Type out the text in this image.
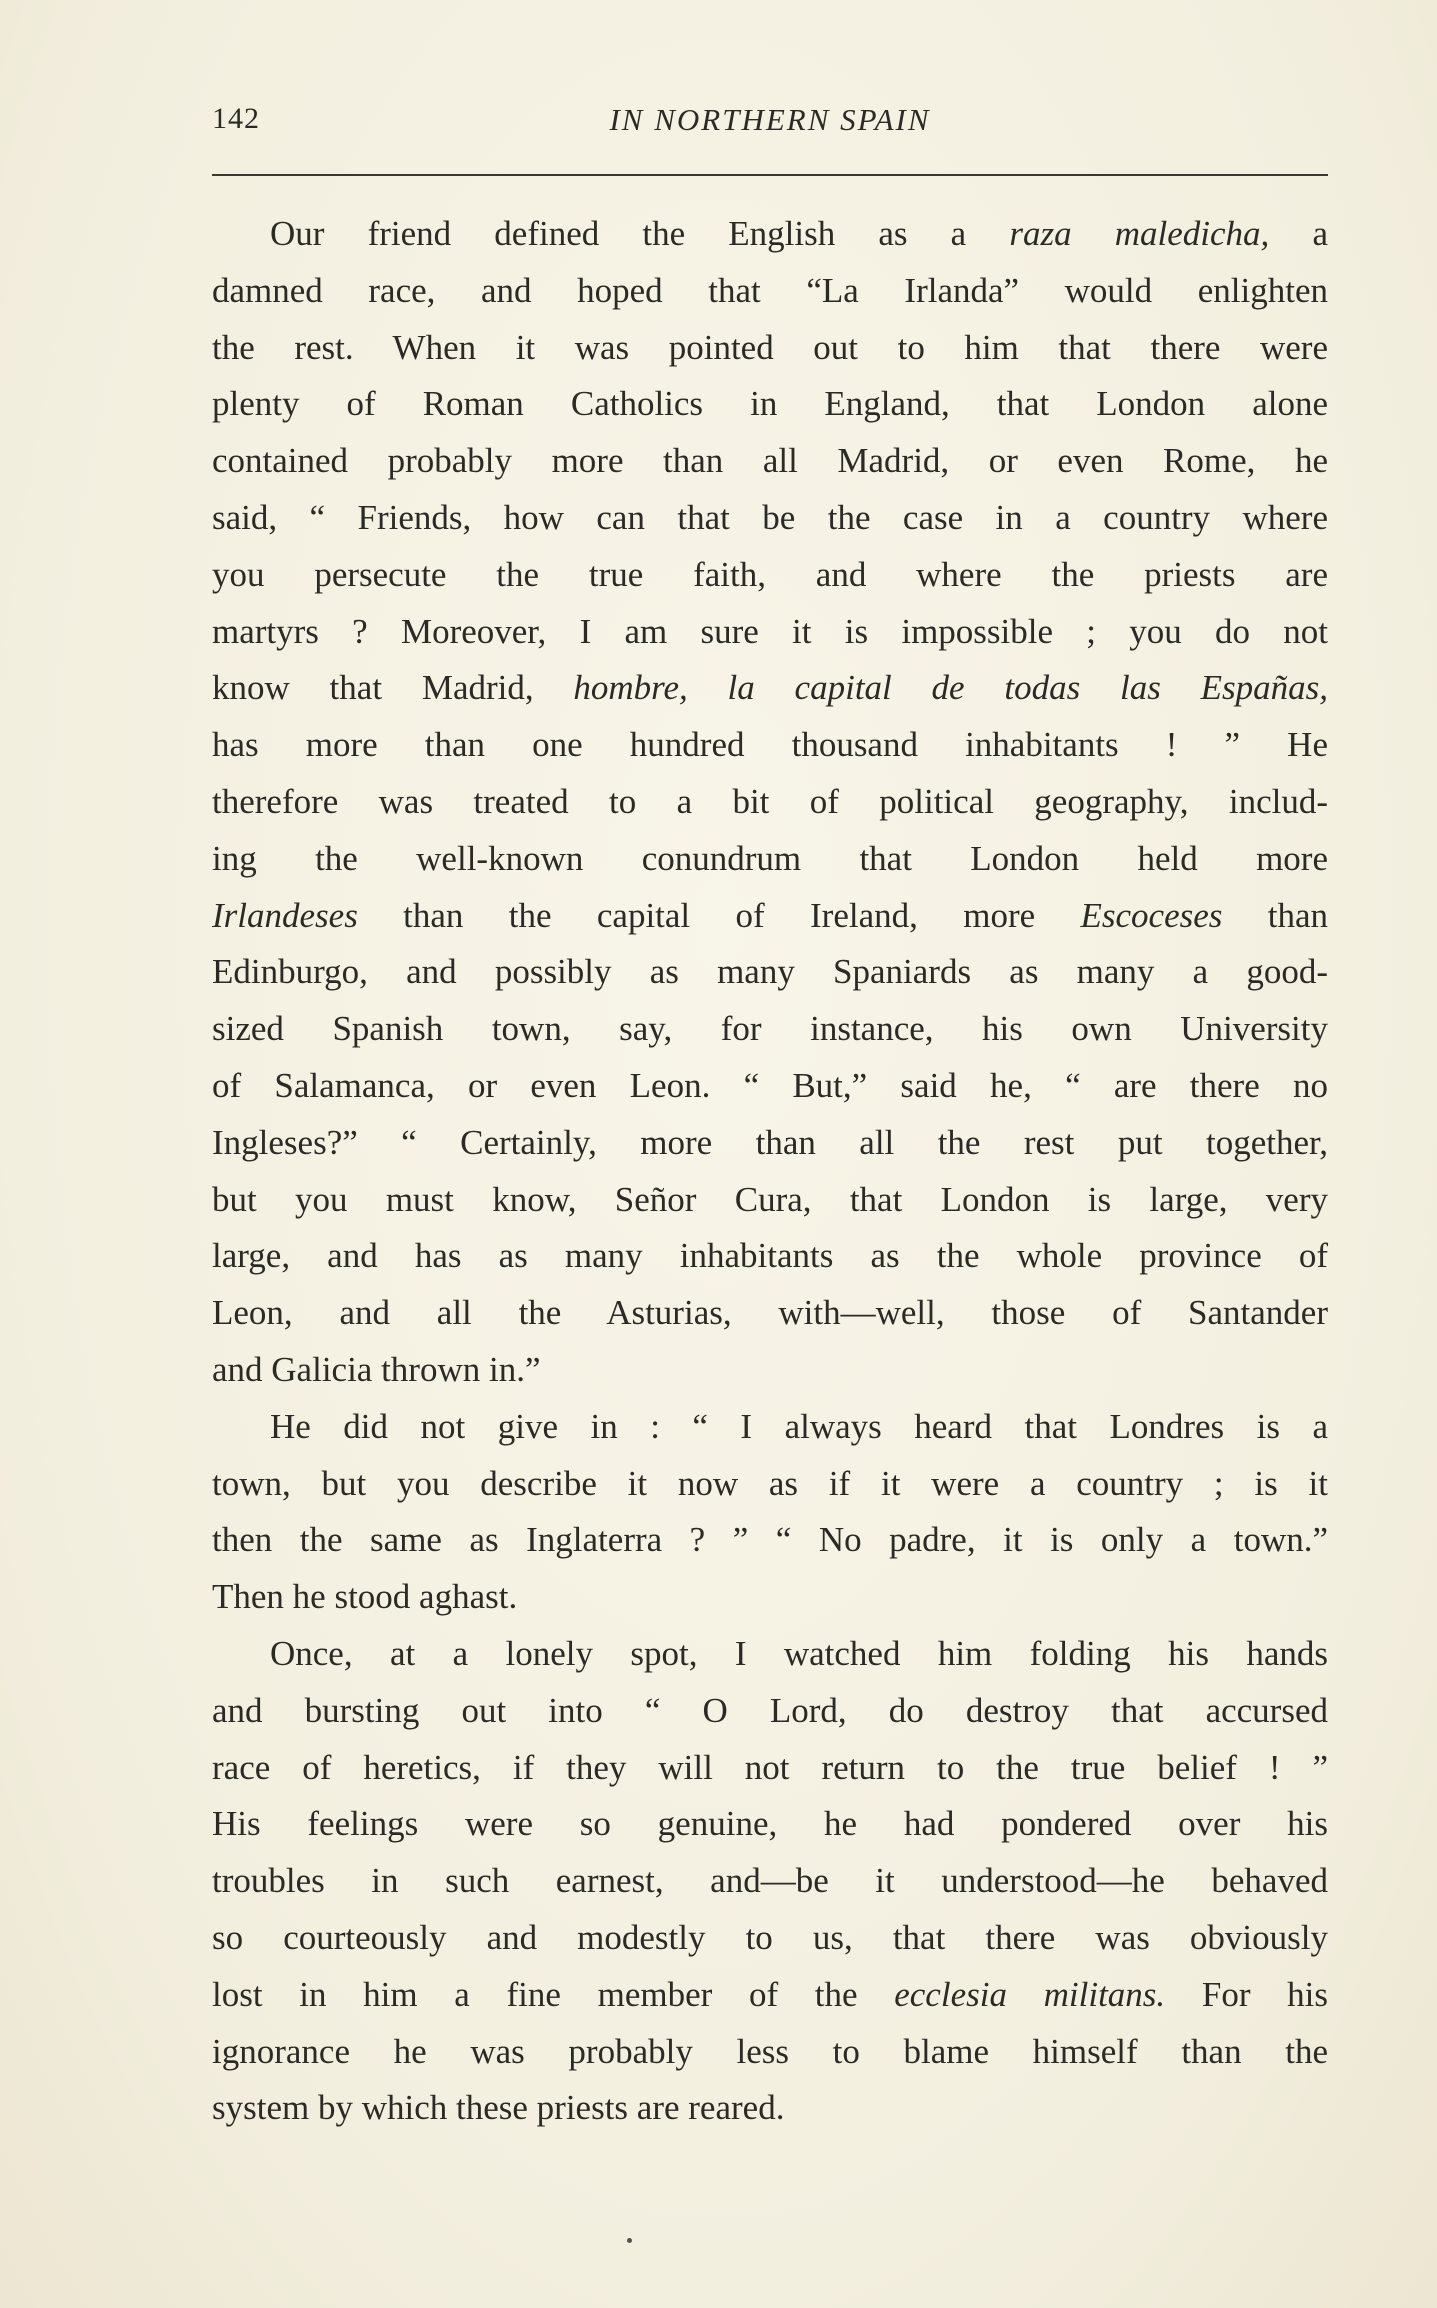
142	IN NORTHERN SPAIN
Our friend defined the English as a raza maledicha, a
damned race, and hoped that “La Irlanda” would enlighten
the rest. When it was pointed out to him that there were
plenty of Roman Catholics in England, that London alone
contained probably more than all Madrid, or even Rome, he
said, “ Friends, how can that be the case in a country where
you persecute the true faith, and where the priests are
martyrs ? Moreover, I am sure it is impossible ; you do not
know that Madrid, hombre, la capital de todas las Españas,
has more than one hundred thousand inhabitants ! ” He
therefore was treated to a bit of political geography, includ-
ing the well-known conundrum that London held more
Irlandeses than the capital of Ireland, more Escoceses than
Edinburgo, and possibly as many Spaniards as many a good-
sized Spanish town, say, for instance, his own University
of Salamanca, or even Leon. “ But,” said he, “ are there no
Ingleses?” “ Certainly, more than all the rest put together,
but you must know, Señor Cura, that London is large, very
large, and has as many inhabitants as the whole province of
Leon, and all the Asturias, with—well, those of Santander
and Galicia thrown in.”
He did not give in : “ I always heard that Londres is a
town, but you describe it now as if it were a country ; is it
then the same as Inglaterra ? ” “ No padre, it is only a town.”
Then he stood aghast.
Once, at a lonely spot, I watched him folding his hands
and bursting out into “ O Lord, do destroy that accursed
race of heretics, if they will not return to the true belief ! ”
His feelings were so genuine, he had pondered over his
troubles in such earnest, and—be it understood—he behaved
so courteously and modestly to us, that there was obviously
lost in him a fine member of the ecclesia militans. For his
ignorance he was probably less to blame himself than the
system by which these priests are reared.
